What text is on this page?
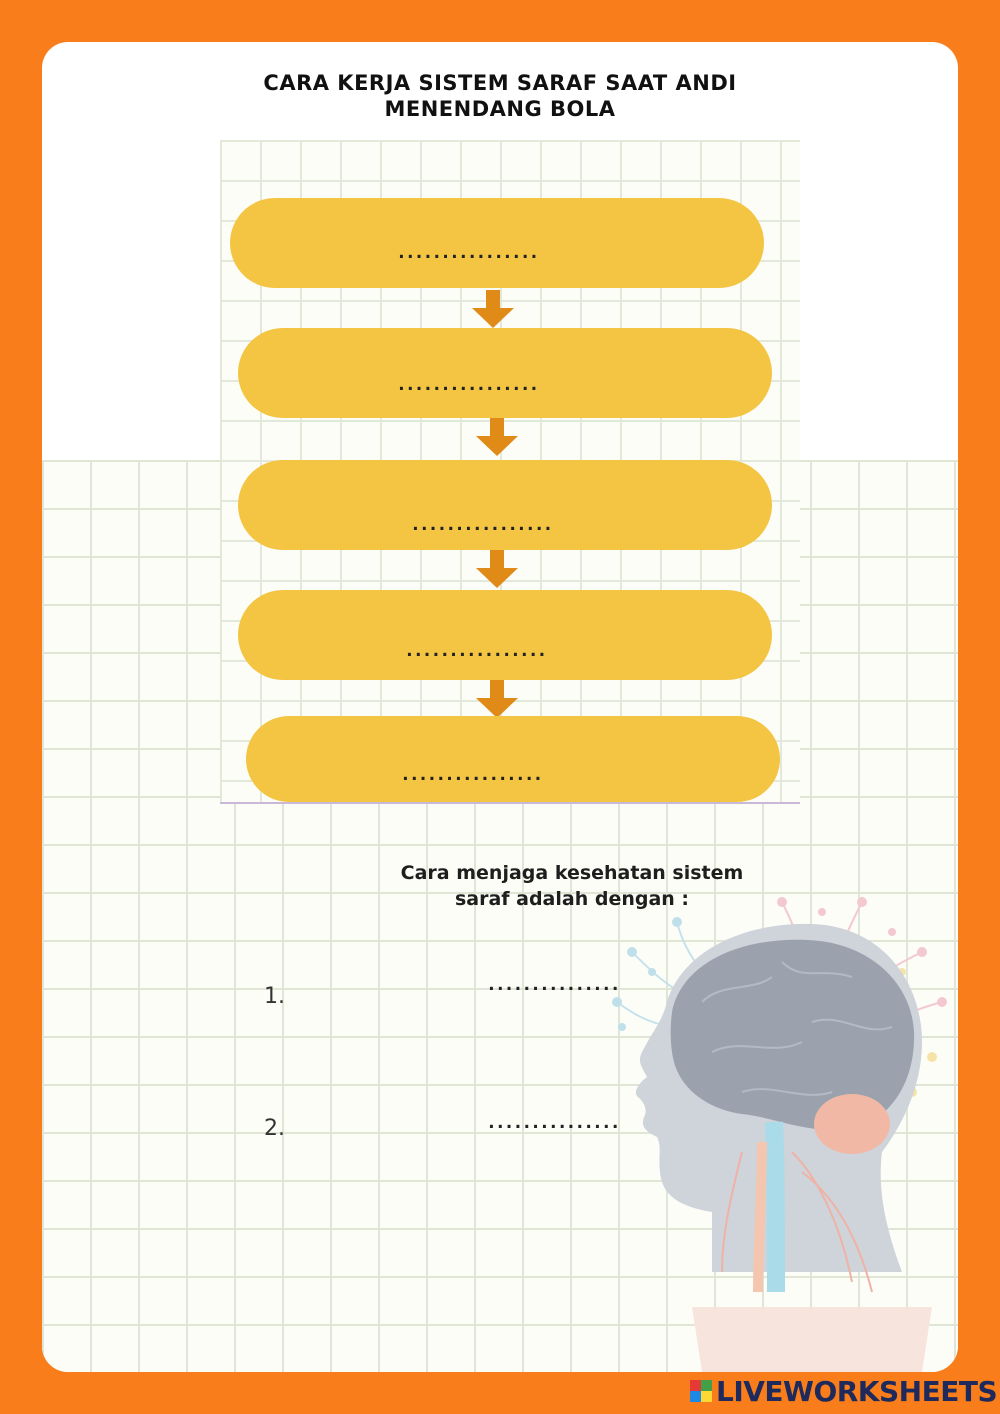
CARA KERJA SISTEM SARAF SAAT ANDI
MENENDANG BOLA
................
................
................
................
................
Cara menjaga kesehatan sistem
saraf adalah dengan :
1.	...............
2.	...............
LIVEWORKSHEETS
